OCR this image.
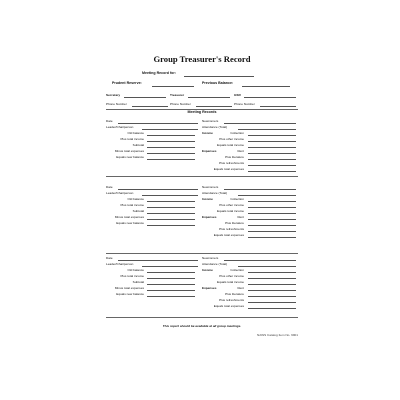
Group Treasurer's Record
Meeting Record for:
Prudent Reserve:	Previous Balance:
Secretary	Treasurer	GSR
Phone Number	Phone Number	Phone Number
Meeting Records
Date	Newcomers
Leader/Chairperson	Attendance (Total)
Old balance	Income	Collection
Plus total income	Plus other income
Subtotal	Equals total income
Minus total expenses	Expenses	Rent
Equals new balance	Plus literature
Plus refreshments
Equals total expenses
Date	Newcomers
Leader/Chairperson	Attendance (Total)
Old balance	Income	Collection
Plus total income	Plus other income
Subtotal	Equals total income
Minus total expenses	Expenses	Rent
Equals new balance	Plus literature
Plus refreshments
Equals total expenses
Date	Newcomers
Leader/Chairperson	Attendance (Total)
Old balance	Income	Collection
Plus total income	Plus other income
Subtotal	Equals total income
Minus total expenses	Expenses	Rent
Equals new balance	Plus literature
Plus refreshments
Equals total expenses
This report should be available at all group meetings.
NAWS Catalog Item No. 9901
